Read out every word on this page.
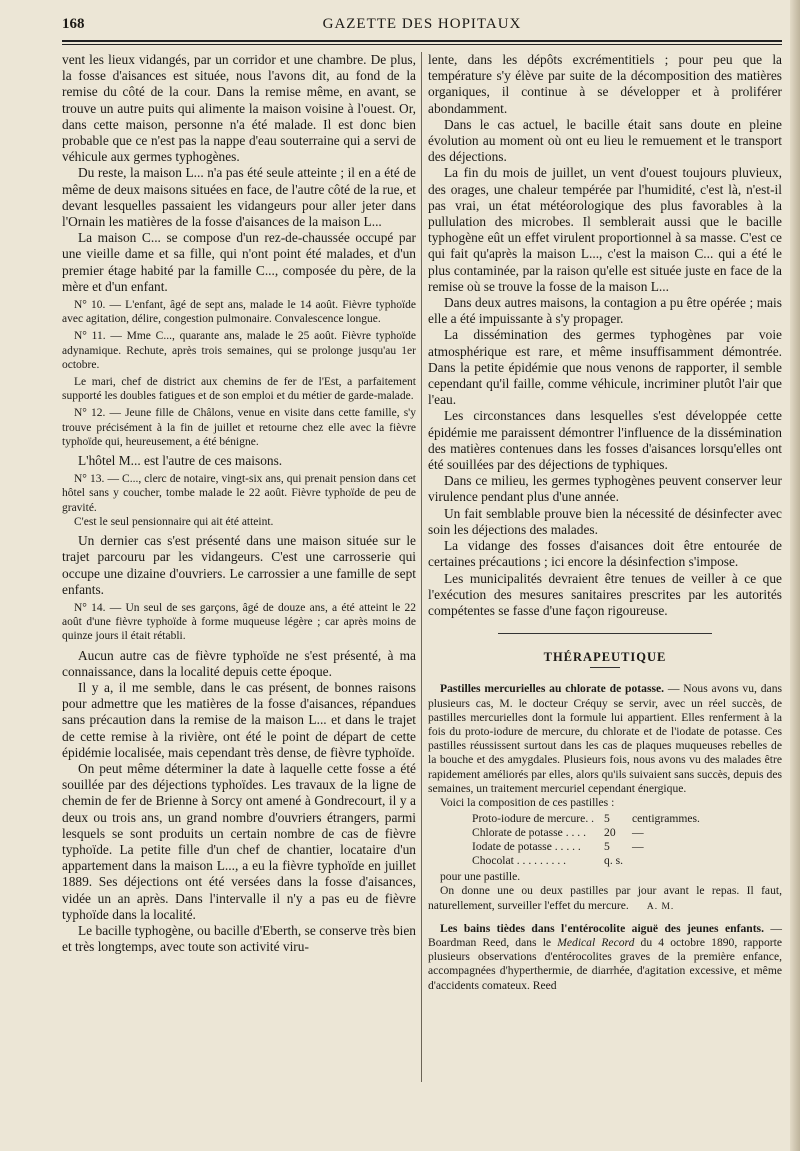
168	GAZETTE DES HOPITAUX

vent les lieux vidangés, par un corridor et une chambre. De plus, la fosse d'aisances est située, nous l'avons dit, au fond de la remise du côté de la cour. Dans la remise même, en avant, se trouve un autre puits qui alimente la maison voisine à l'ouest. Or, dans cette maison, personne n'a été malade. Il est donc bien probable que ce n'est pas la nappe d'eau souterraine qui a servi de véhicule aux germes typhogènes.

Du reste, la maison L... n'a pas été seule atteinte ; il en a été de même de deux maisons situées en face, de l'autre côté de la rue, et devant lesquelles passaient les vidangeurs pour aller jeter dans l'Ornain les matières de la fosse d'aisances de la maison L...

La maison C... se compose d'un rez-de-chaussée occupé par une vieille dame et sa fille, qui n'ont point été malades, et d'un premier étage habité par la famille C..., composée du père, de la mère et d'un enfant.

N° 10. — L'enfant, âgé de sept ans, malade le 14 août. Fièvre typhoïde avec agitation, délire, congestion pulmonaire. Convalescence longue.

N° 11. — Mme C..., quarante ans, malade le 25 août. Fièvre typhoïde adynamique. Rechute, après trois semaines, qui se prolonge jusqu'au 1er octobre.

Le mari, chef de district aux chemins de fer de l'Est, a parfaitement supporté les doubles fatigues et de son emploi et du métier de garde-malade.

N° 12. — Jeune fille de Châlons, venue en visite dans cette famille, s'y trouve précisément à la fin de juillet et retourne chez elle avec la fièvre typhoïde qui, heureusement, a été bénigne.

L'hôtel M... est l'autre de ces maisons.

N° 13. — C..., clerc de notaire, vingt-six ans, qui prenait pension dans cet hôtel sans y coucher, tombe malade le 22 août. Fièvre typhoïde de peu de gravité.

C'est le seul pensionnaire qui ait été atteint.

Un dernier cas s'est présenté dans une maison située sur le trajet parcouru par les vidangeurs. C'est une carrosserie qui occupe une dizaine d'ouvriers. Le carrossier a une famille de sept enfants.

N° 14. — Un seul de ses garçons, âgé de douze ans, a été atteint le 22 août d'une fièvre typhoïde à forme muqueuse légère ; car après moins de quinze jours il était rétabli.

Aucun autre cas de fièvre typhoïde ne s'est présenté, à ma connaissance, dans la localité depuis cette époque.

Il y a, il me semble, dans le cas présent, de bonnes raisons pour admettre que les matières de la fosse d'aisances, répandues sans précaution dans la remise de la maison L... et dans le trajet de cette remise à la rivière, ont été le point de départ de cette épidémie localisée, mais cependant très dense, de fièvre typhoïde.

On peut même déterminer la date à laquelle cette fosse a été souillée par des déjections typhoïdes. Les travaux de la ligne de chemin de fer de Brienne à Sorcy ont amené à Gondrecourt, il y a deux ou trois ans, un grand nombre d'ouvriers étrangers, parmi lesquels se sont produits un certain nombre de cas de fièvre typhoïde. La petite fille d'un chef de chantier, locataire d'un appartement dans la maison L..., a eu la fièvre typhoïde en juillet 1889. Ses déjections ont été versées dans la fosse d'aisances, vidée un an après. Dans l'intervalle il n'y a pas eu de fièvre typhoïde dans la localité.

Le bacille typhogène, ou bacille d'Eberth, se conserve très bien et très longtemps, avec toute son activité viru-

lente, dans les dépôts excrémentitiels ; pour peu que la température s'y élève par suite de la décomposition des matières organiques, il continue à se développer et à proliférer abondamment.

Dans le cas actuel, le bacille était sans doute en pleine évolution au moment où ont eu lieu le remuement et le transport des déjections.

La fin du mois de juillet, un vent d'ouest toujours pluvieux, des orages, une chaleur tempérée par l'humidité, c'est là, n'est-il pas vrai, un état météorologique des plus favorables à la pullulation des microbes. Il semblerait aussi que le bacille typhogène eût un effet virulent proportionnel à sa masse. C'est ce qui fait qu'après la maison L..., c'est la maison C... qui a été le plus contaminée, par la raison qu'elle est située juste en face de la remise où se trouve la fosse de la maison L...

Dans deux autres maisons, la contagion a pu être opérée ; mais elle a été impuissante à s'y propager.

La dissémination des germes typhogènes par voie atmosphérique est rare, et même insuffisamment démontrée. Dans la petite épidémie que nous venons de rapporter, il semble cependant qu'il faille, comme véhicule, incriminer plutôt l'air que l'eau.

Les circonstances dans lesquelles s'est développée cette épidémie me paraissent démontrer l'influence de la dissémination des matières contenues dans les fosses d'aisances lorsqu'elles ont été souillées par des déjections de typhiques.

Dans ce milieu, les germes typhogènes peuvent conserver leur virulence pendant plus d'une année.

Un fait semblable prouve bien la nécessité de désinfecter avec soin les déjections des malades.

La vidange des fosses d'aisances doit être entourée de certaines précautions ; ici encore la désinfection s'impose.

Les municipalités devraient être tenues de veiller à ce que l'exécution des mesures sanitaires prescrites par les autorités compétentes se fasse d'une façon rigoureuse.

THÉRAPEUTIQUE

Pastilles mercurielles au chlorate de potasse. — Nous avons vu, dans plusieurs cas, M. le docteur Créquy se servir, avec un réel succès, de pastilles mercurielles dont la formule lui appartient. Elles renferment à la fois du proto-iodure de mercure, du chlorate et de l'iodate de potasse. Ces pastilles réussissent surtout dans les cas de plaques muqueuses rebelles de la bouche et des amygdales. Plusieurs fois, nous avons vu des malades être rapidement améliorés par elles, alors qu'ils suivaient sans succès, depuis des semaines, un traitement mercuriel cependant énergique.

Voici la composition de ces pastilles :

Proto-iodure de mercure. .	5	centigrammes.
Chlorate de potasse . . . .	20	—
Iodate de potasse . . . . .	5	—
Chocolat . . . . . . . . .	q. s.	

pour une pastille.

On donne une ou deux pastilles par jour avant le repas. Il faut, naturellement, surveiller l'effet du mercure. A. M.

Les bains tièdes dans l'entérocolite aiguë des jeunes enfants. — Boardman Reed, dans le Medical Record du 4 octobre 1890, rapporte plusieurs observations d'entérocolites graves de la première enfance, accompagnées d'hyperthermie, de diarrhée, d'agitation excessive, et même d'accidents comateux. Reed
